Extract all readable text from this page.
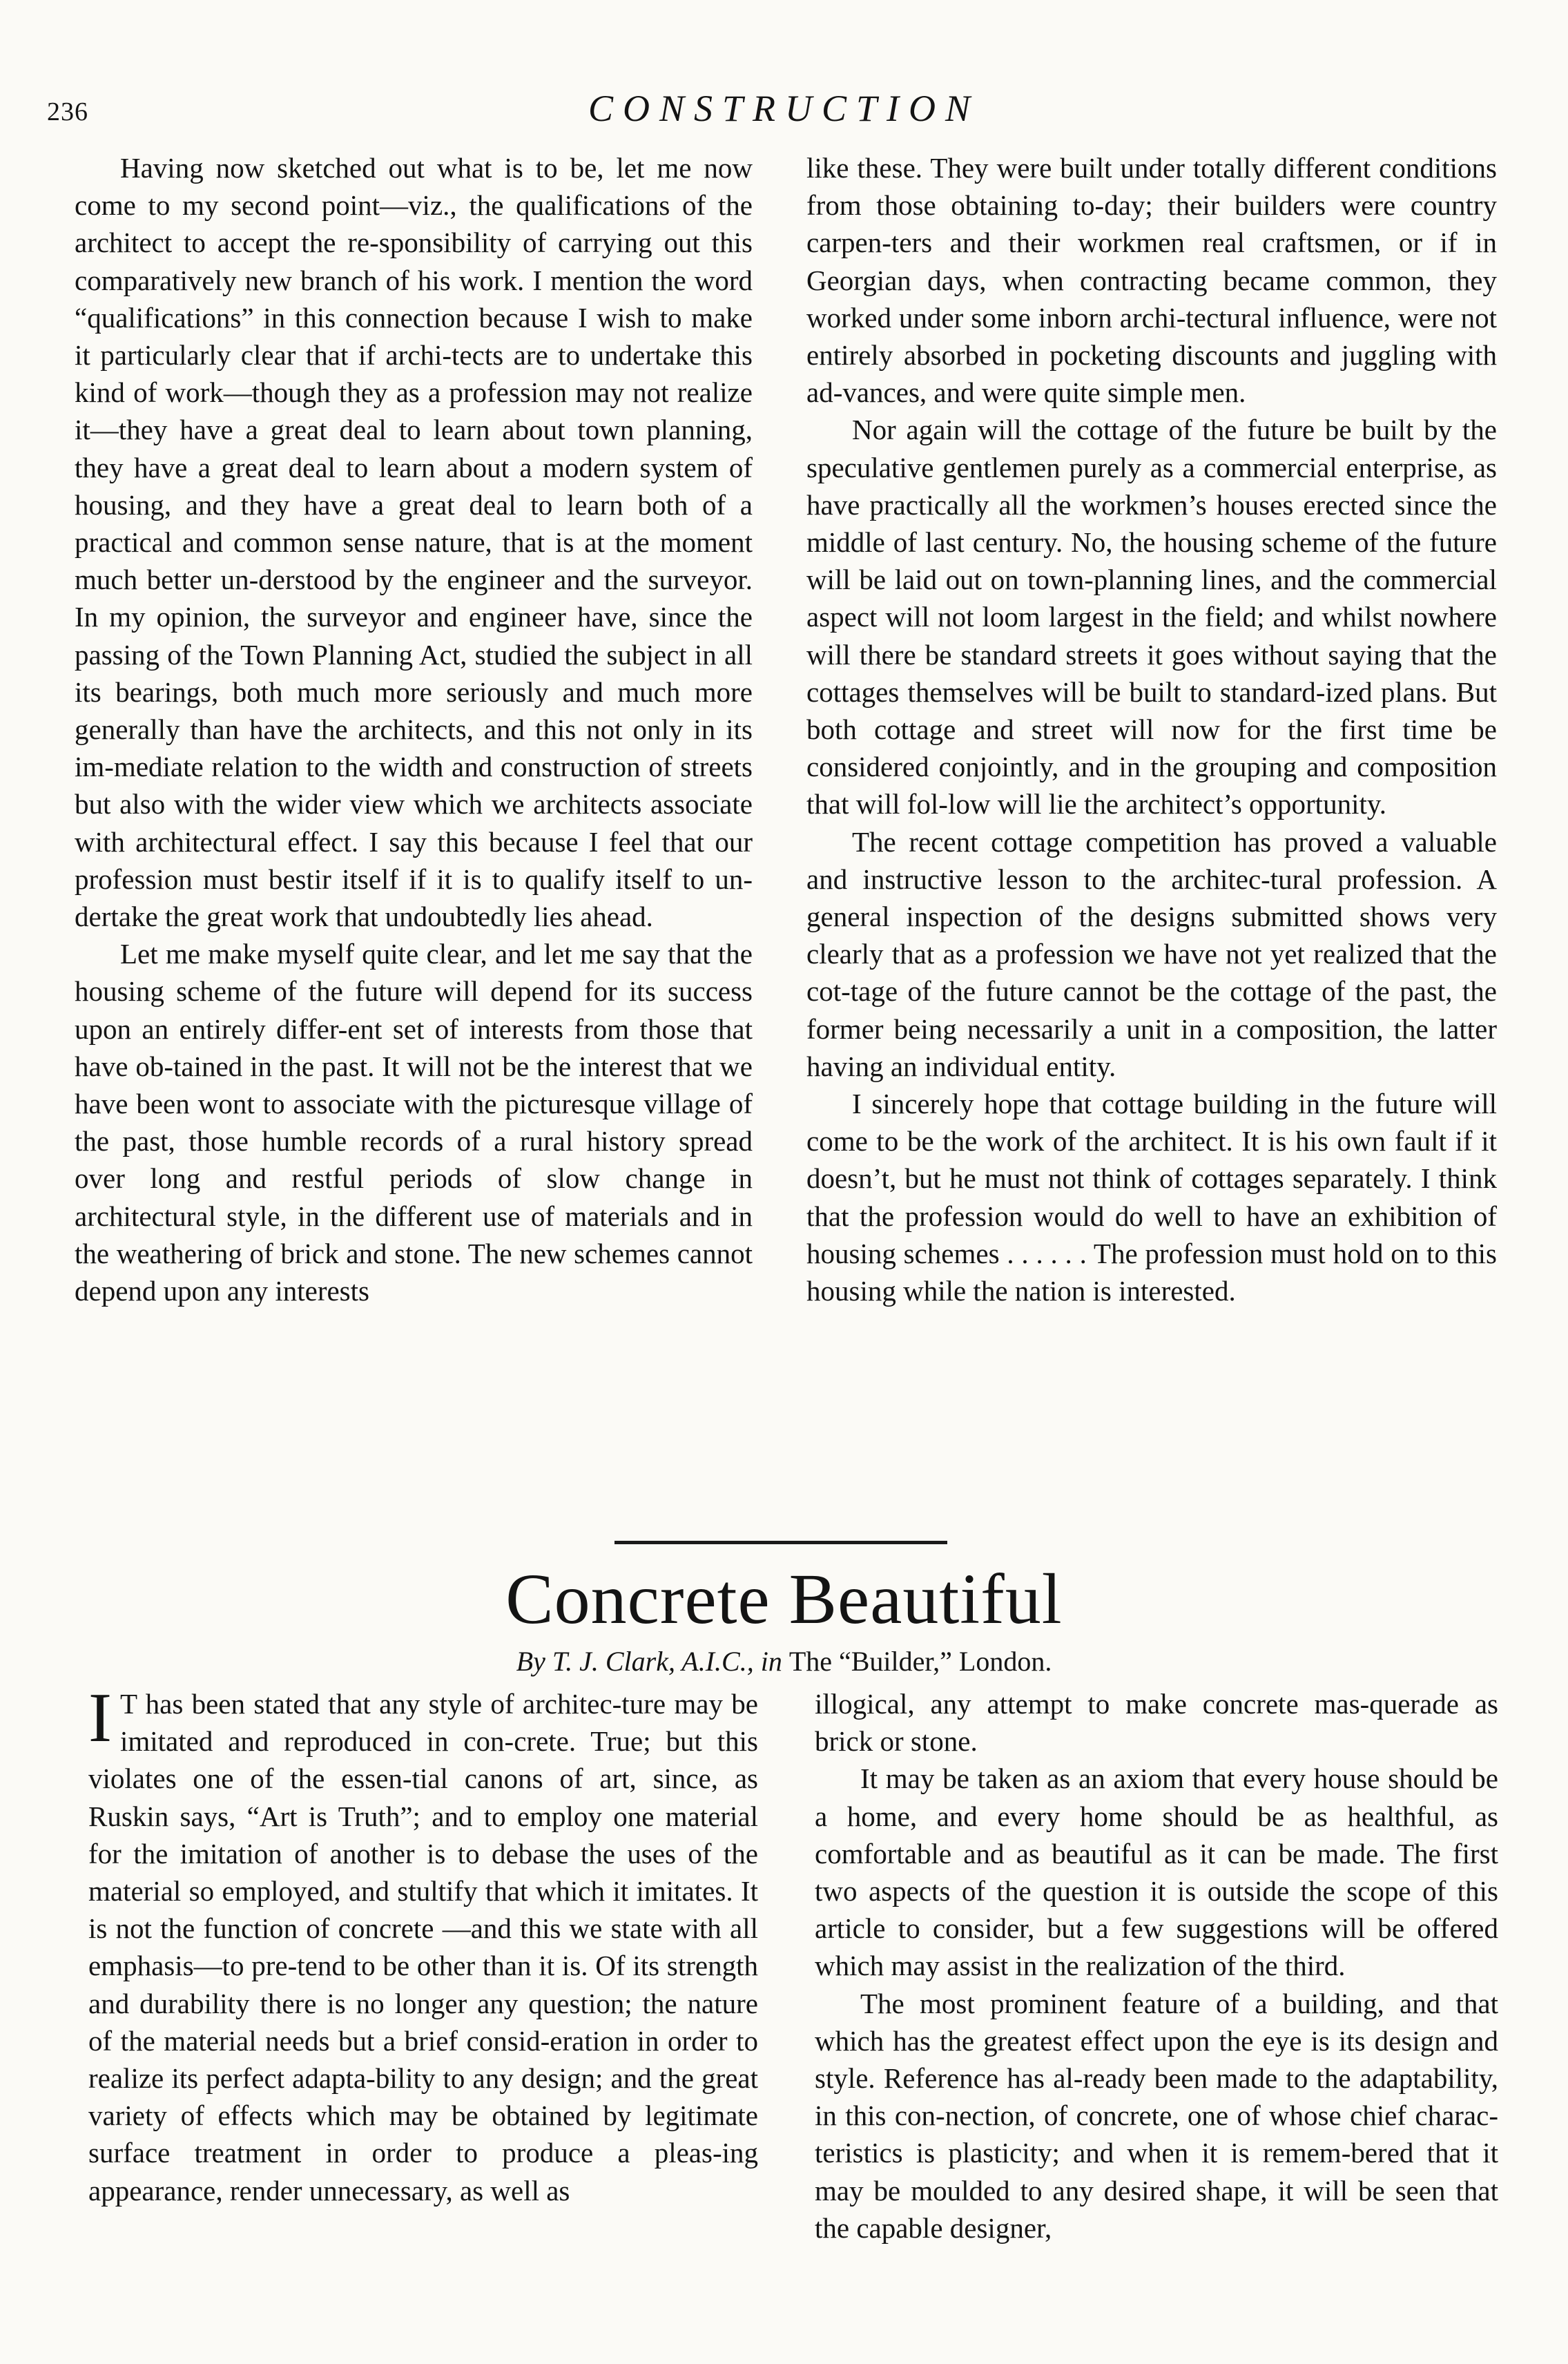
236	CONSTRUCTION

Having now sketched out what is to be, let me now come to my second point—viz., the qualifications of the architect to accept the re-sponsibility of carrying out this comparatively new branch of his work. I mention the word “qualifications” in this connection because I wish to make it particularly clear that if archi-tects are to undertake this kind of work—though they as a profession may not realize it—they have a great deal to learn about town planning, they have a great deal to learn about a modern system of housing, and they have a great deal to learn both of a practical and common sense nature, that is at the moment much better un-derstood by the engineer and the surveyor. In my opinion, the surveyor and engineer have, since the passing of the Town Planning Act, studied the subject in all its bearings, both much more seriously and much more generally than have the architects, and this not only in its im-mediate relation to the width and construction of streets but also with the wider view which we architects associate with architectural effect. I say this because I feel that our profession must bestir itself if it is to qualify itself to un-dertake the great work that undoubtedly lies ahead.

Let me make myself quite clear, and let me say that the housing scheme of the future will depend for its success upon an entirely differ-ent set of interests from those that have ob-tained in the past. It will not be the interest that we have been wont to associate with the picturesque village of the past, those humble records of a rural history spread over long and restful periods of slow change in architectural style, in the different use of materials and in the weathering of brick and stone. The new schemes cannot depend upon any interests

like these. They were built under totally different conditions from those obtaining to-day; their builders were country carpen-ters and their workmen real craftsmen, or if in Georgian days, when contracting became common, they worked under some inborn archi-tectural influence, were not entirely absorbed in pocketing discounts and juggling with ad-vances, and were quite simple men.

Nor again will the cottage of the future be built by the speculative gentlemen purely as a commercial enterprise, as have practically all the workmen’s houses erected since the middle of last century. No, the housing scheme of the future will be laid out on town-planning lines, and the commercial aspect will not loom largest in the field; and whilst nowhere will there be standard streets it goes without saying that the cottages themselves will be built to standard-ized plans. But both cottage and street will now for the first time be considered conjointly, and in the grouping and composition that will fol-low will lie the architect’s opportunity.

The recent cottage competition has proved a valuable and instructive lesson to the architec-tural profession. A general inspection of the designs submitted shows very clearly that as a profession we have not yet realized that the cot-tage of the future cannot be the cottage of the past, the former being necessarily a unit in a composition, the latter having an individual entity.

I sincerely hope that cottage building in the future will come to be the work of the architect. It is his own fault if it doesn’t, but he must not think of cottages separately. I think that the profession would do well to have an exhibition of housing schemes . . . . . . The profession must hold on to this housing while the nation is interested.

Concrete Beautiful
By T. J. Clark, A.I.C., in The “Builder,” London.

I T has been stated that any style of architec-ture may be imitated and reproduced in con-crete. True; but this violates one of the essen-tial canons of art, since, as Ruskin says, “Art is Truth”; and to employ one material for the imitation of another is to debase the uses of the material so employed, and stultify that which it imitates. It is not the function of concrete —and this we state with all emphasis—to pre-tend to be other than it is. Of its strength and durability there is no longer any question; the nature of the material needs but a brief consid-eration in order to realize its perfect adapta-bility to any design; and the great variety of effects which may be obtained by legitimate surface treatment in order to produce a pleas-ing appearance, render unnecessary, as well as

illogical, any attempt to make concrete mas-querade as brick or stone.

It may be taken as an axiom that every house should be a home, and every home should be as healthful, as comfortable and as beautiful as it can be made. The first two aspects of the question it is outside the scope of this article to consider, but a few suggestions will be offered which may assist in the realization of the third.

The most prominent feature of a building, and that which has the greatest effect upon the eye is its design and style. Reference has al-ready been made to the adaptability, in this con-nection, of concrete, one of whose chief charac-teristics is plasticity; and when it is remem-bered that it may be moulded to any desired shape, it will be seen that the capable designer,
